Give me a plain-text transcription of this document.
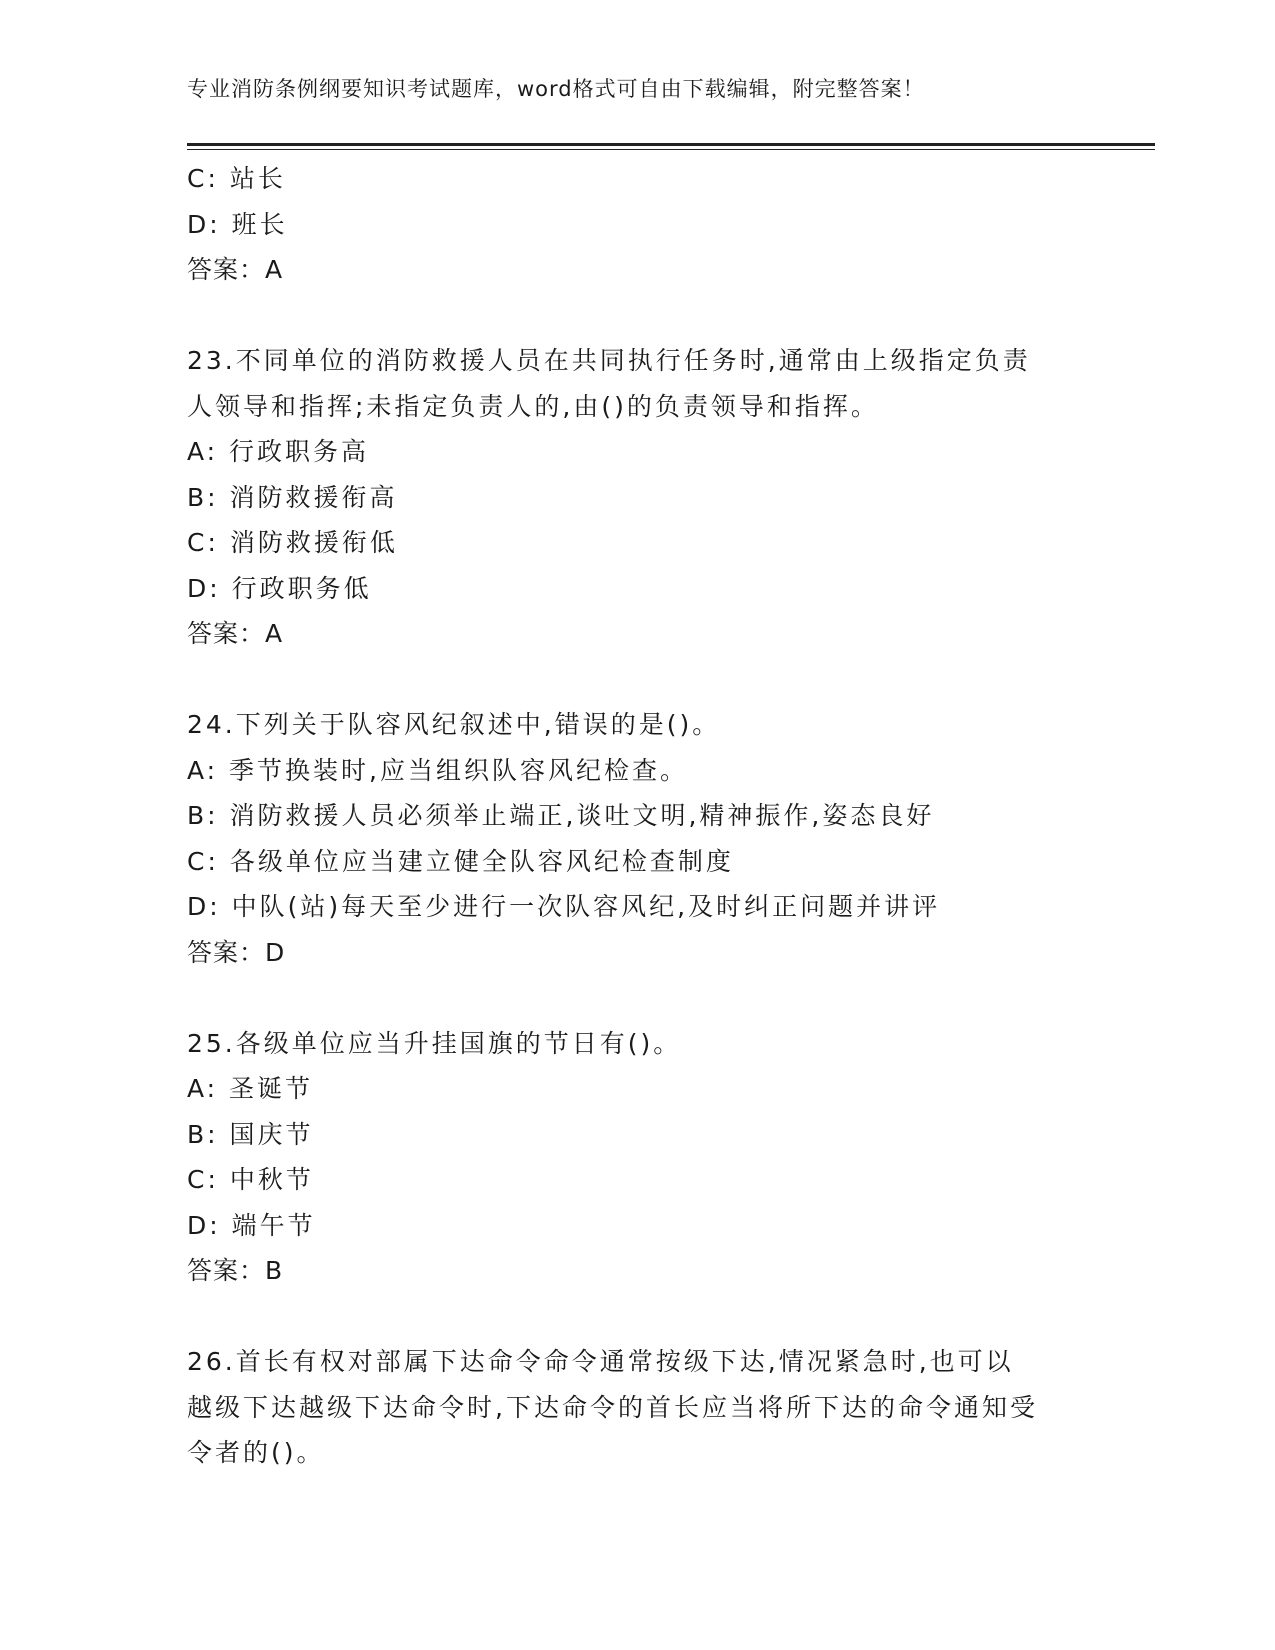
专业消防条例纲要知识考试题库，word格式可自由下载编辑，附完整答案！
C: 站长
D: 班长
答案：A
23.不同单位的消防救援人员在共同执行任务时,通常由上级指定负责
人领导和指挥;未指定负责人的,由()的负责领导和指挥。
A: 行政职务高
B: 消防救援衔高
C: 消防救援衔低
D: 行政职务低
答案：A
24.下列关于队容风纪叙述中,错误的是()。
A: 季节换装时,应当组织队容风纪检查。
B: 消防救援人员必须举止端正,谈吐文明,精神振作,姿态良好
C: 各级单位应当建立健全队容风纪检查制度
D: 中队(站)每天至少进行一次队容风纪,及时纠正问题并讲评
答案：D
25.各级单位应当升挂国旗的节日有()。
A: 圣诞节
B: 国庆节
C: 中秋节
D: 端午节
答案：B
26.首长有权对部属下达命令命令通常按级下达,情况紧急时,也可以
越级下达越级下达命令时,下达命令的首长应当将所下达的命令通知受
令者的()。
